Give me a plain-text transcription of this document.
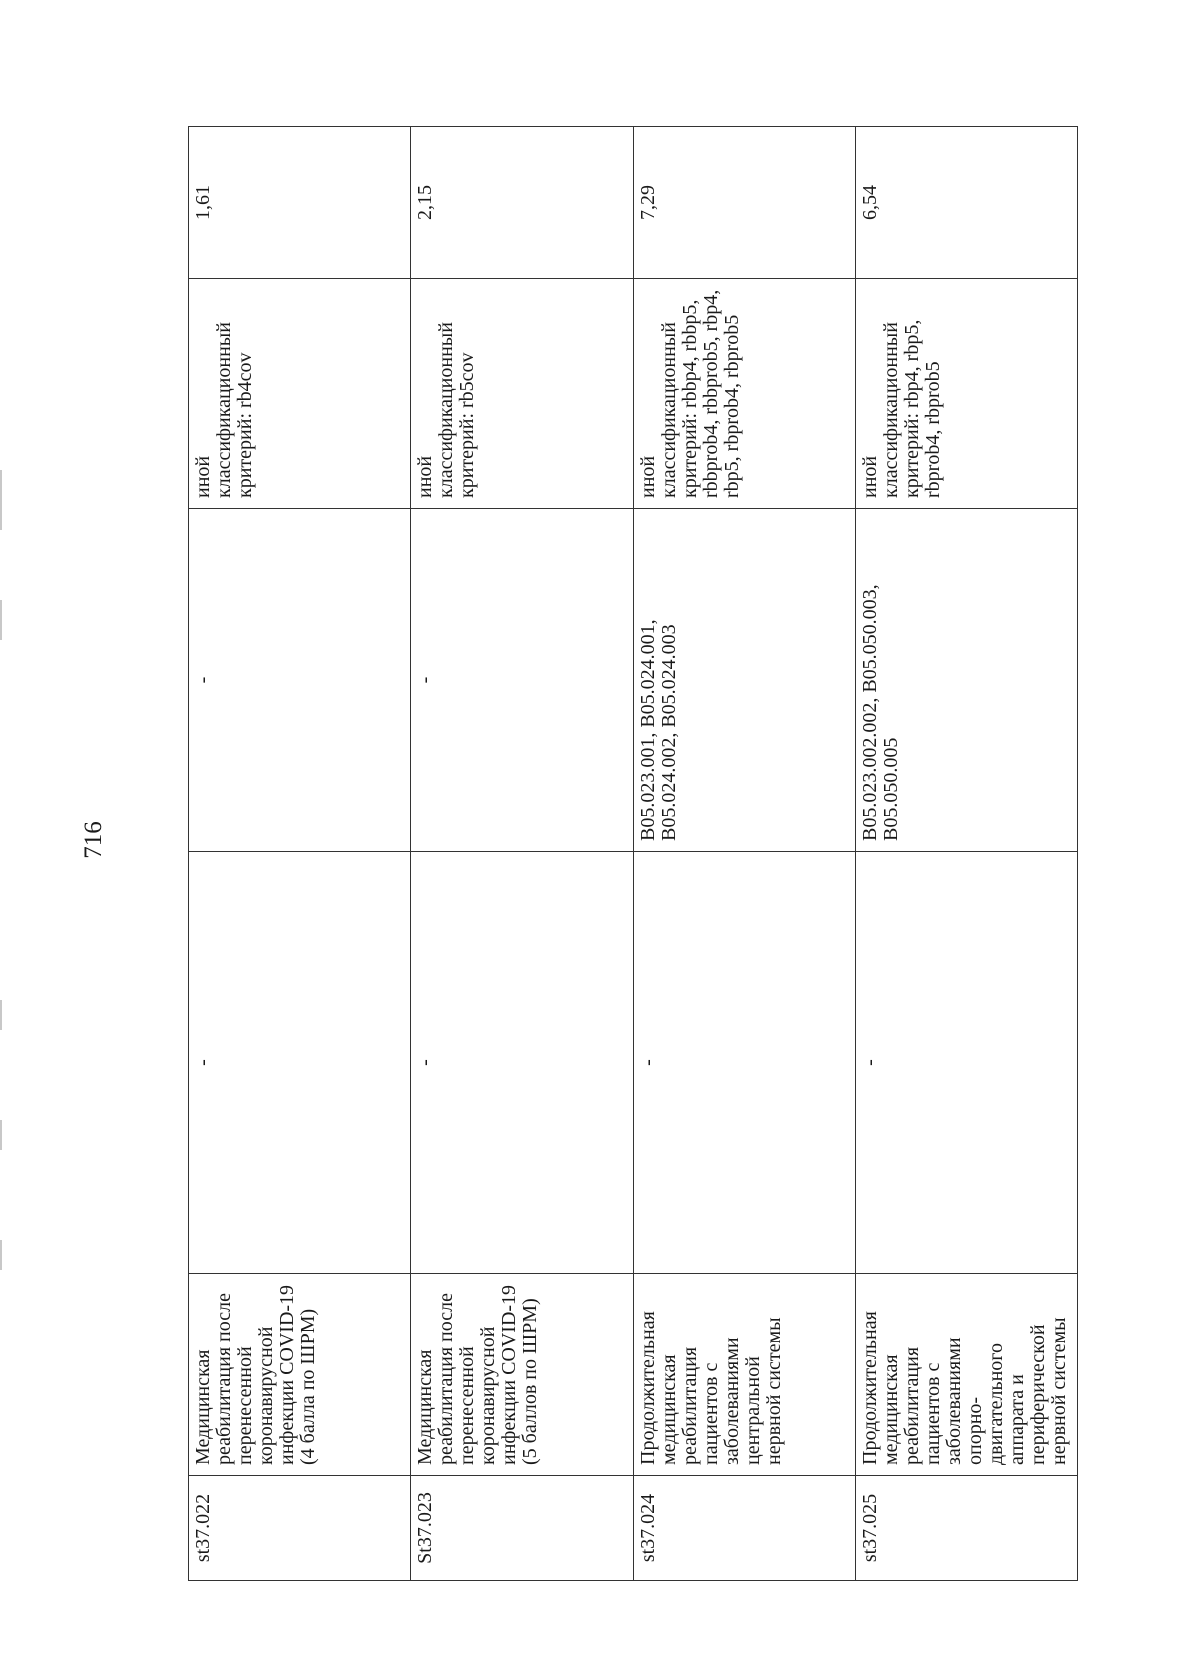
716
st37.022	Медицинская реабилитация после перенесенной коронавирусной инфекции COVID-19 (4 балла по ШРМ)	-	-	иной классификационный критерий: rb4cov	1,61
St37.023	Медицинская реабилитация после перенесенной коронавирусной инфекции COVID-19 (5 баллов по ШРМ)	-	-	иной классификационный критерий: rb5cov	2,15
st37.024	Продолжительная медицинская реабилитация пациентов с заболеваниями центральной нервной системы	-	B05.023.001, B05.024.001, B05.024.002, B05.024.003	иной классификационный критерий: rbbp4, rbbp5, rbbprob4, rbbprob5, rbp4, rbp5, rbprob4, rbprob5	7,29
st37.025	Продолжительная медицинская реабилитация пациентов с заболеваниями опорно-двигательного аппарата и периферической нервной системы	-	B05.023.002.002, B05.050.003, B05.050.005	иной классификационный критерий: rbp4, rbp5, rbprob4, rbprob5	6,54
